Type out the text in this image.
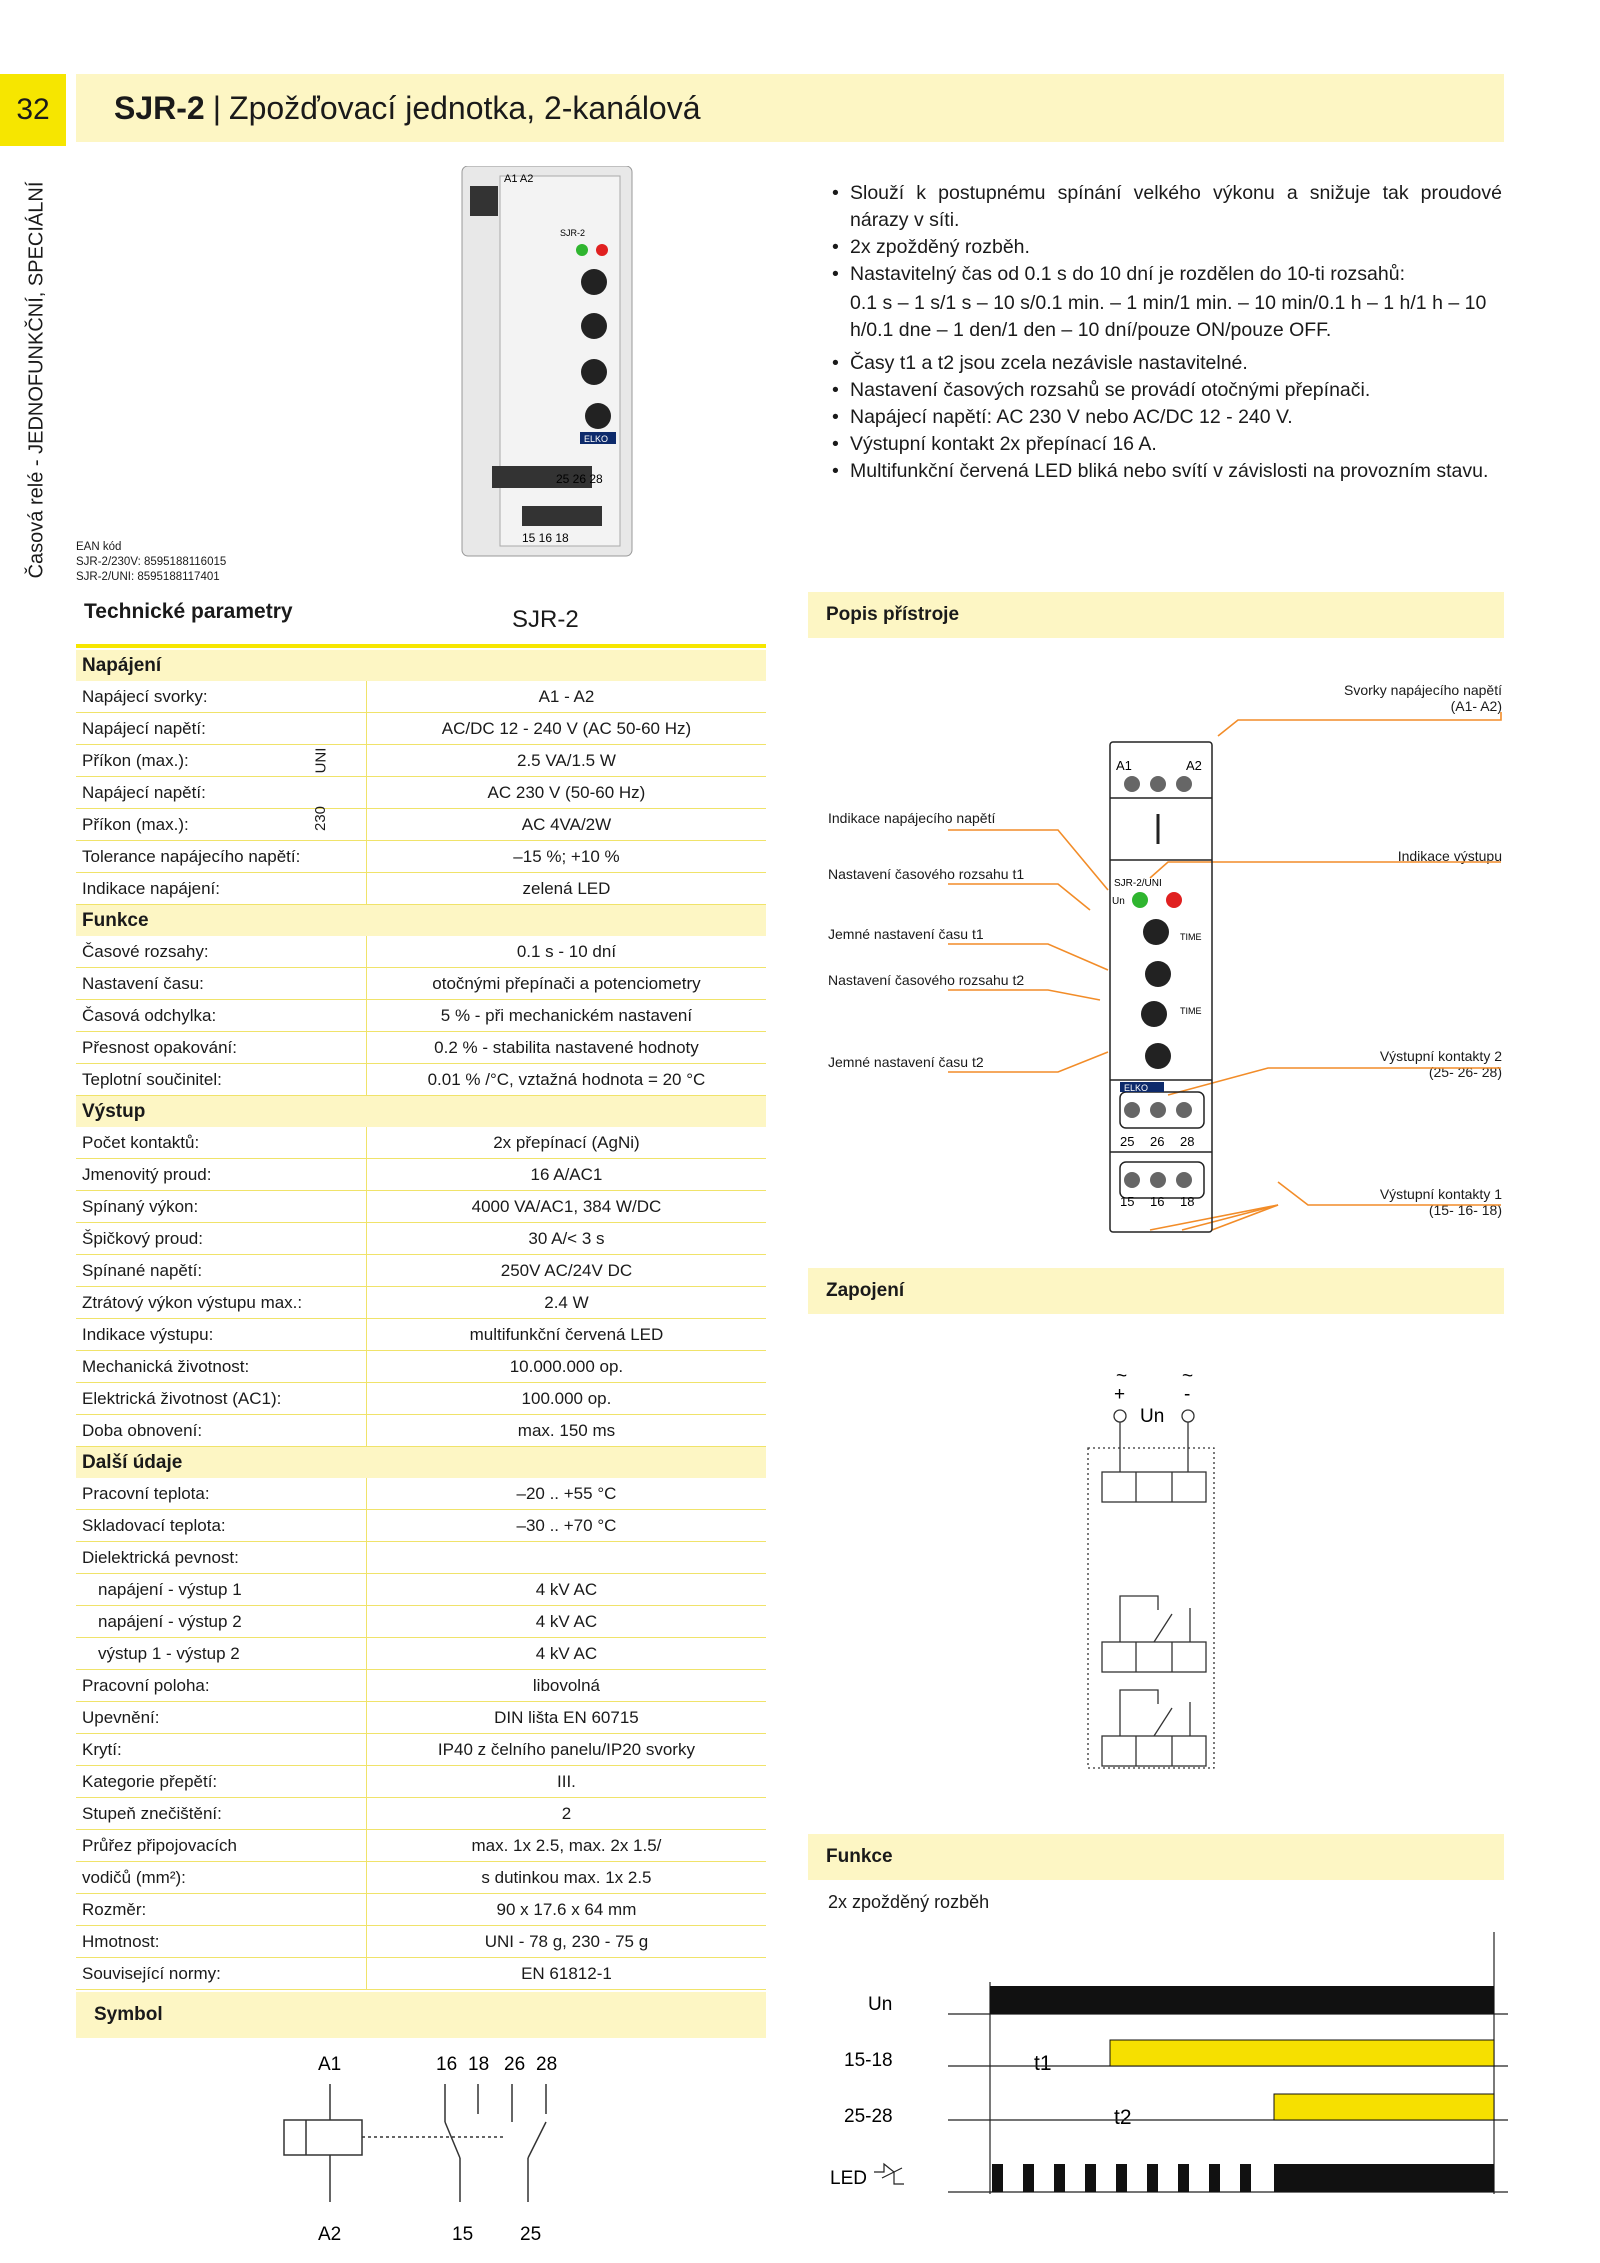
32	SJR-2 | Zpožďovací jednotka, 2-kanálová
Časová relé - JEDNOFUNKČNÍ, SPECIÁLNÍ
A1 A2
SJR-2
ELKO
25 26 28
15 16 18
EAN kód
SJR-2/230V: 8595188116015
SJR-2/UNI: 8595188117401
• Slouží k postupnému spínání velkého výkonu a snižuje tak proudové nárazy v síti.
• 2x zpožděný rozběh.
• Nastavitelný čas od 0.1 s do 10 dní je rozdělen do 10-ti rozsahů:
0.1 s – 1 s/1 s – 10 s/0.1 min. – 1 min/1 min. – 10 min/0.1 h – 1 h/1 h – 10 h/0.1 dne – 1 den/1 den – 10 dní/pouze ON/pouze OFF.
• Časy t1 a t2 jsou zcela nezávisle nastavitelné.
• Nastavení časových rozsahů se provádí otočnými přepínači.
• Napájecí napětí: AC 230 V nebo AC/DC 12 - 240 V.
• Výstupní kontakt 2x přepínací 16 A.
• Multifunkční červená LED bliká nebo svítí v závislosti na provozním stavu.
Technické parametry	SJR-2
Napájení		
Napájecí svorky:		A1 - A2
Napájecí napětí:		AC/DC 12 - 240 V (AC 50-60 Hz)
Příkon (max.):		2.5 VA/1.5 W
Napájecí napětí:		AC 230 V (50-60 Hz)
Příkon (max.):		AC 4VA/2W
Tolerance napájecího napětí:		–15 %; +10 %
Indikace napájení:		zelená LED
Funkce		
Časové rozsahy:		0.1 s - 10 dní
Nastavení času:		otočnými přepínači a potenciometry
Časová odchylka:		5 % - při mechanickém nastavení
Přesnost opakování:		0.2 % - stabilita nastavené hodnoty
Teplotní součinitel:		0.01 % /°C, vztažná hodnota = 20 °C
Výstup		
Počet kontaktů:		2x přepínací (AgNi)
Jmenovitý proud:		16 A/AC1
Spínaný výkon:		4000 VA/AC1, 384 W/DC
Špičkový proud:		30 A/< 3 s
Spínané napětí:		250V AC/24V DC
Ztrátový výkon výstupu max.:		2.4 W
Indikace výstupu:		multifunkční červená LED
Mechanická životnost:		10.000.000 op.
Elektrická životnost (AC1):		100.000 op.
Doba obnovení:		max. 150 ms
Další údaje		
Pracovní teplota:		–20 .. +55 °C
Skladovací teplota:		–30 .. +70 °C
Dielektrická pevnost:		
napájení - výstup 1		4 kV AC
napájení - výstup 2		4 kV AC
výstup 1 - výstup 2		4 kV AC
Pracovní poloha:		libovolná
Upevnění:		DIN lišta EN 60715
Krytí:		IP40 z čelního panelu/IP20 svorky
Kategorie přepětí:		III.
Stupeň znečištění:		2
Průřez připojovacích		max. 1x 2.5, max. 2x 1.5/
vodičů (mm²):		s dutinkou max. 1x 2.5
Rozměr:		90 x 17.6 x 64 mm
Hmotnost:		UNI - 78 g, 230 - 75 g
Související normy:		EN 61812-1
UNI
230
Symbol
A1
A2
16 18 26 28
15 25
Popis přístroje
Svorky napájecího napětí
(A1- A2)
Indikace napájecího napětí
Indikace výstupu
Nastavení časového rozsahu t1
Jemné nastavení času t1
Nastavení časového rozsahu t2
Jemné nastavení času t2	Výstupní kontakty 2
(25- 26- 28)
Výstupní kontakty 1
(15- 16- 18)
A1	A2
SJR-2/UNI
Un
TIME
TIME
ELKO
25 26 28
15 16 18
Zapojení
~
+
~
-
Un
Funkce
2x zpožděný rozběh
Un
15-18
25-28
LED
t1
t2
